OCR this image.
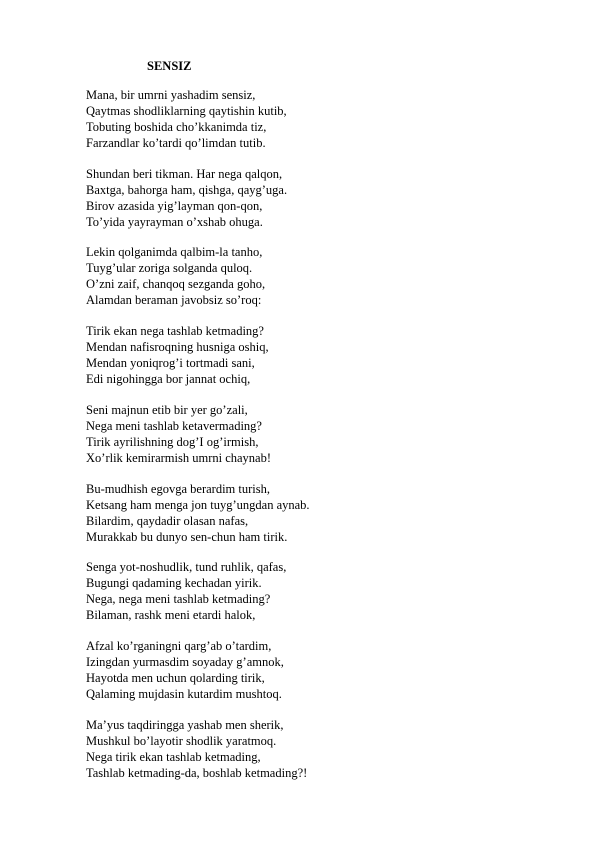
SENSIZ
Mana, bir umrni yashadim sensiz,
Qaytmas shodliklarning qaytishin kutib,
Tobuting boshida cho’kkanimda tiz,
Farzandlar ko’tardi qo’limdan tutib.
Shundan beri tikman. Har nega qalqon,
Baxtga, bahorga ham, qishga, qayg’uga.
Birov azasida yig’layman qon-qon,
To’yida yayrayman o’xshab ohuga.
Lekin qolganimda qalbim-la tanho,
Tuyg’ular zoriga solganda quloq.
O’zni zaif, chanqoq sezganda goho,
Alamdan beraman javobsiz so’roq:
Tirik ekan nega tashlab ketmading?
Mendan nafisroqning husniga oshiq,
Mendan yoniqrog’i tortmadi sani,
Edi nigohingga bor jannat ochiq,
Seni majnun etib bir yer go’zali,
Nega meni tashlab ketavermading?
Tirik ayrilishning dog’I og’irmish,
Xo’rlik kemirarmish umrni chaynab!
Bu-mudhish egovga berardim turish,
Ketsang ham menga jon tuyg’ungdan aynab.
Bilardim, qaydadir olasan nafas,
Murakkab bu dunyo sen-chun ham tirik.
Senga yot-noshudlik, tund ruhlik, qafas,
Bugungi qadaming kechadan yirik.
Nega, nega meni tashlab ketmading?
Bilaman, rashk meni etardi halok,
Afzal ko’rganingni qarg’ab o’tardim,
Izingdan yurmasdim soyaday g’amnok,
Hayotda men uchun qolarding tirik,
Qalaming mujdasin kutardim mushtoq.
Ma’yus taqdiringga yashab men sherik,
Mushkul bo’layotir shodlik yaratmoq.
Nega tirik ekan tashlab ketmading,
Tashlab ketmading-da, boshlab ketmading?!
